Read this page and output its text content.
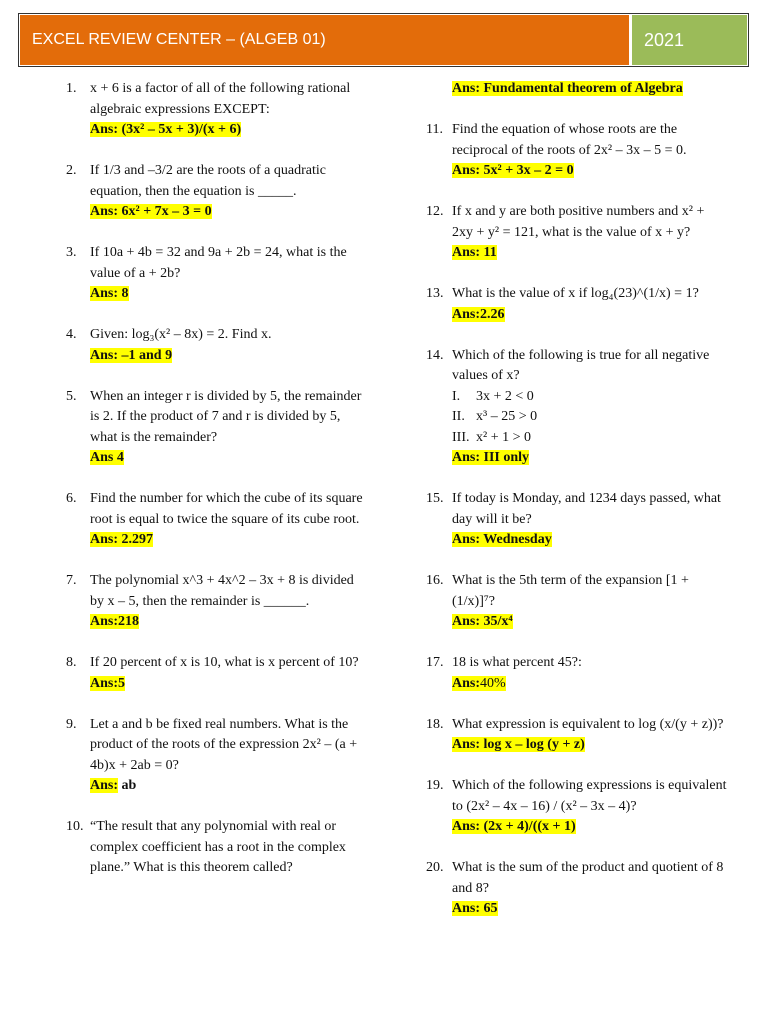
EXCEL REVIEW CENTER – (ALGEB 01)	2021
1. x + 6 is a factor of all of the following rational algebraic expressions EXCEPT:
Ans: (3x² – 5x + 3)/(x + 6)
2. If 1/3 and –3/2 are the roots of a quadratic equation, then the equation is _____.
Ans: 6x² + 7x – 3 = 0
3. If 10a + 4b = 32 and 9a + 2b = 24, what is the value of a + 2b?
Ans: 8
4. Given: log₃(x² – 8x) = 2. Find x.
Ans: –1 and 9
5. When an integer r is divided by 5, the remainder is 2. If the product of 7 and r is divided by 5, what is the remainder?
Ans 4
6. Find the number for which the cube of its square root is equal to twice the square of its cube root.
Ans: 2.297
7. The polynomial x^3 + 4x^2 – 3x + 8 is divided by x – 5, then the remainder is ______.
Ans:218
8. If 20 percent of x is 10, what is x percent of 10?
Ans:5
9. Let a and b be fixed real numbers. What is the product of the roots of the expression 2x² – (a + 4b)x + 2ab = 0?
Ans: ab
10. “The result that any polynomial with real or complex coefficient has a root in the complex plane.” What is this theorem called?
Ans: Fundamental theorem of Algebra
11. Find the equation of whose roots are the reciprocal of the roots of 2x² – 3x – 5 = 0.
Ans: 5x² + 3x – 2 = 0
12. If x and y are both positive numbers and x² + 2xy + y² = 121, what is the value of x + y?
Ans: 11
13. What is the value of x if log₄(23)^(1/x) = 1?
Ans:2.26
14. Which of the following is true for all negative values of x?
I. 3x + 2 < 0
II. x³ – 25 > 0
III. x² + 1 > 0
Ans: III only
15. If today is Monday, and 1234 days passed, what day will it be?
Ans: Wednesday
16. What is the 5th term of the expansion [1 + (1/x)]⁷?
Ans: 35/x⁴
17. 18 is what percent 45?:
Ans:40%
18. What expression is equivalent to log (x/(y + z))?
Ans: log x – log (y + z)
19. Which of the following expressions is equivalent to (2x² – 4x – 16) / (x² – 3x – 4)?
Ans: (2x + 4)/((x + 1)
20. What is the sum of the product and quotient of 8 and 8?
Ans: 65
